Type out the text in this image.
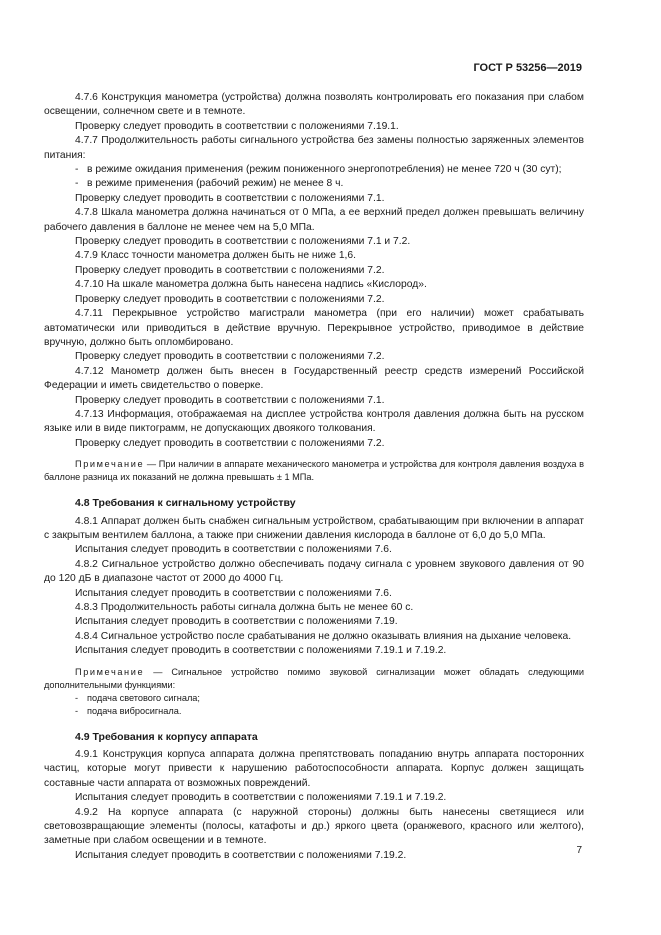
ГОСТ Р 53256—2019

4.7.6 Конструкция манометра (устройства) должна позволять контролировать его показания при слабом освещении, солнечном свете и в темноте.

Проверку следует проводить в соответствии с положениями 7.19.1.

4.7.7 Продолжительность работы сигнального устройства без замены полностью заряженных элементов питания:

- в режиме ожидания применения (режим пониженного энергопотребления) не менее 720 ч (30 сут);

- в режиме применения (рабочий режим) не менее 8 ч.

Проверку следует проводить в соответствии с положениями 7.1.

4.7.8 Шкала манометра должна начинаться от 0 МПа, а ее верхний предел должен превышать величину рабочего давления в баллоне не менее чем на 5,0 МПа.

Проверку следует проводить в соответствии с положениями 7.1 и 7.2.

4.7.9 Класс точности манометра должен быть не ниже 1,6.

Проверку следует проводить в соответствии с положениями 7.2.

4.7.10 На шкале манометра должна быть нанесена надпись «Кислород».

Проверку следует проводить в соответствии с положениями 7.2.

4.7.11 Перекрывное устройство магистрали манометра (при его наличии) может срабатывать автоматически или приводиться в действие вручную. Перекрывное устройство, приводимое в действие вручную, должно быть опломбировано.

Проверку следует проводить в соответствии с положениями 7.2.

4.7.12 Манометр должен быть внесен в Государственный реестр средств измерений Российской Федерации и иметь свидетельство о поверке.

Проверку следует проводить в соответствии с положениями 7.1.

4.7.13 Информация, отображаемая на дисплее устройства контроля давления должна быть на русском языке или в виде пиктограмм, не допускающих двоякого толкования.

Проверку следует проводить в соответствии с положениями 7.2.

Примечание — При наличии в аппарате механического манометра и устройства для контроля давления воздуха в баллоне разница их показаний не должна превышать ± 1 МПа.

4.8 Требования к сигнальному устройству

4.8.1 Аппарат должен быть снабжен сигнальным устройством, срабатывающим при включении в аппарат с закрытым вентилем баллона, а также при снижении давления кислорода в баллоне от 6,0 до 5,0 МПа.

Испытания следует проводить в соответствии с положениями 7.6.

4.8.2 Сигнальное устройство должно обеспечивать подачу сигнала с уровнем звукового давления от 90 до 120 дБ в диапазоне частот от 2000 до 4000 Гц.

Испытания следует проводить в соответствии с положениями 7.6.

4.8.3 Продолжительность работы сигнала должна быть не менее 60 с.

Испытания следует проводить в соответствии с положениями 7.19.

4.8.4 Сигнальное устройство после срабатывания не должно оказывать влияния на дыхание человека.

Испытания следует проводить в соответствии с положениями 7.19.1 и 7.19.2.

Примечание — Сигнальное устройство помимо звуковой сигнализации может обладать следующими дополнительными функциями:

- подача светового сигнала;

- подача вибросигнала.

4.9 Требования к корпусу аппарата

4.9.1 Конструкция корпуса аппарата должна препятствовать попаданию внутрь аппарата посторонних частиц, которые могут привести к нарушению работоспособности аппарата. Корпус должен защищать составные части аппарата от возможных повреждений.

Испытания следует проводить в соответствии с положениями 7.19.1 и 7.19.2.

4.9.2 На корпусе аппарата (с наружной стороны) должны быть нанесены светящиеся или световозвращающие элементы (полосы, катафоты и др.) яркого цвета (оранжевого, красного или желтого), заметные при слабом освещении и в темноте.

Испытания следует проводить в соответствии с положениями 7.19.2.	7
